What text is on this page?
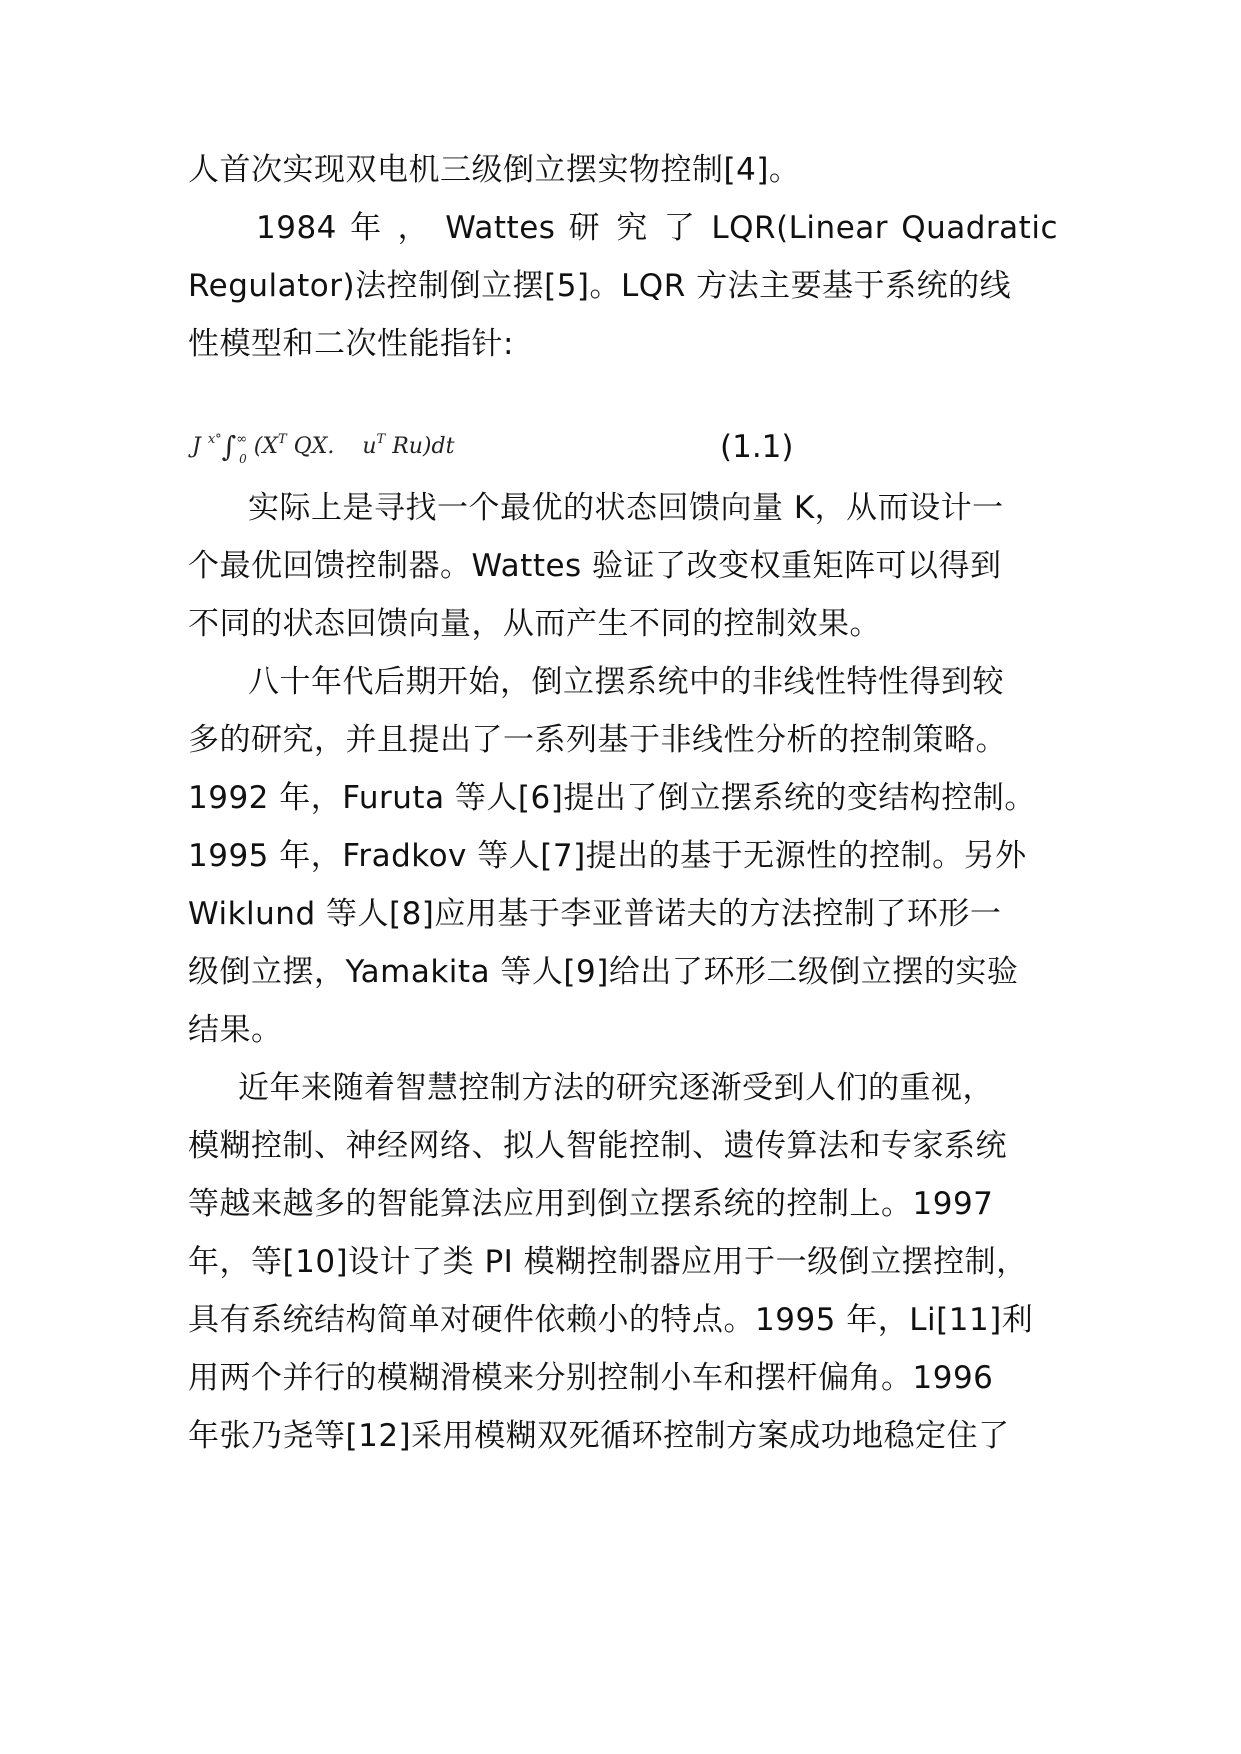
人首次实现双电机三级倒立摆实物控制[4]。
1984 年 ， Wattes 研 究 了 LQR(Linear Quadratic
Regulator)法控制倒立摆[5]。LQR 方法主要基于系统的线
性模型和二次性能指针:
J $^{x^\circ}\int^\infty_0$ ($X^T$ QX. $u^T$ Ru)dt	(1.1)
实际上是寻找一个最优的状态回馈向量 K，从而设计一
个最优回馈控制器。Wattes 验证了改变权重矩阵可以得到
不同的状态回馈向量，从而产生不同的控制效果。
八十年代后期开始，倒立摆系统中的非线性特性得到较
多的研究，并且提出了一系列基于非线性分析的控制策略。
1992 年，Furuta 等人[6]提出了倒立摆系统的变结构控制。
1995 年，Fradkov 等人[7]提出的基于无源性的控制。另外
Wiklund 等人[8]应用基于李亚普诺夫的方法控制了环形一
级倒立摆，Yamakita 等人[9]给出了环形二级倒立摆的实验
结果。
近年来随着智慧控制方法的研究逐渐受到人们的重视，
模糊控制、神经网络、拟人智能控制、遗传算法和专家系统
等越来越多的智能算法应用到倒立摆系统的控制上。1997
年，等[10]设计了类 PI 模糊控制器应用于一级倒立摆控制，
具有系统结构简单对硬件依赖小的特点。1995 年，Li[11]利
用两个并行的模糊滑模来分别控制小车和摆杆偏角。1996
年张乃尧等[12]采用模糊双死循环控制方案成功地稳定住了
